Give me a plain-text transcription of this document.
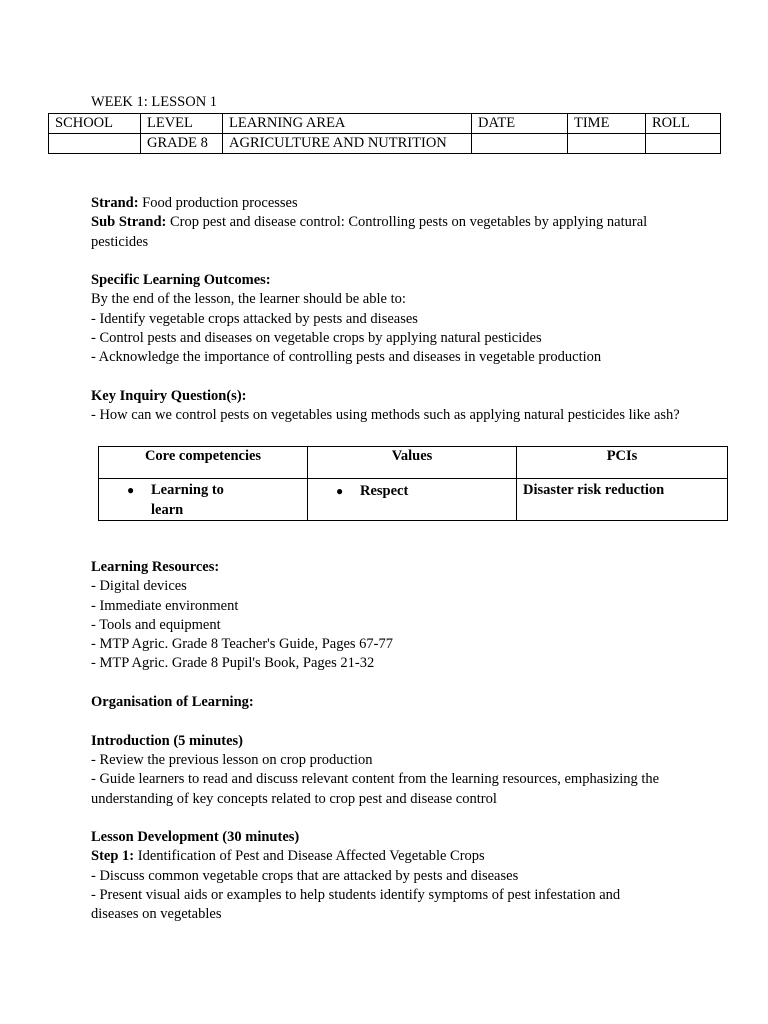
WEEK 1: LESSON 1
SCHOOL	LEVEL	LEARNING AREA	DATE	TIME	ROLL
	GRADE 8	AGRICULTURE AND NUTRITION			

Strand: Food production processes

Sub Strand: Crop pest and disease control: Controlling pests on vegetables by applying natural pesticides

Specific Learning Outcomes:

By the end of the lesson, the learner should be able to:

- Identify vegetable crops attacked by pests and diseases

- Control pests and diseases on vegetable crops by applying natural pesticides

- Acknowledge the importance of controlling pests and diseases in vegetable production

Key Inquiry Question(s):

- How can we control pests on vegetables using methods such as applying natural pesticides like ash?

Core competencies	Values	PCIs

● Learning to learn	● Respect	Disaster risk reduction

Learning Resources:

- Digital devices

- Immediate environment

- Tools and equipment

- MTP Agric. Grade 8 Teacher's Guide, Pages 67-77

- MTP Agric. Grade 8 Pupil's Book, Pages 21-32

Organisation of Learning:

Introduction (5 minutes)

- Review the previous lesson on crop production

- Guide learners to read and discuss relevant content from the learning resources, emphasizing the understanding of key concepts related to crop pest and disease control

Lesson Development (30 minutes)

Step 1: Identification of Pest and Disease Affected Vegetable Crops

- Discuss common vegetable crops that are attacked by pests and diseases

- Present visual aids or examples to help students identify symptoms of pest infestation and diseases on vegetables
